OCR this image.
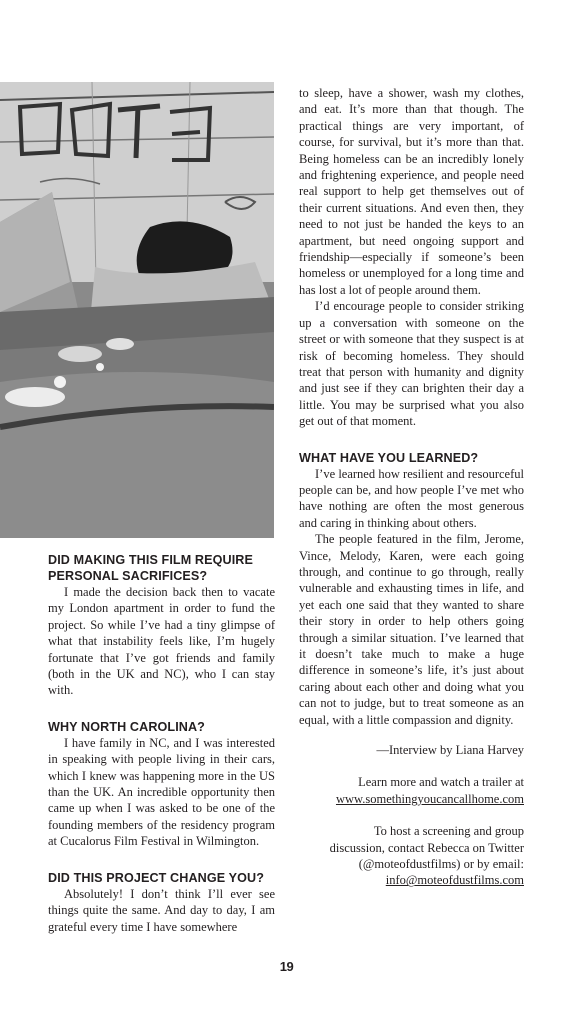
DID MAKING THIS FILM REQUIRE
PERSONAL SACRIFICES?

I made the decision back then to vacate my London apartment in order to fund the project. So while I’ve had a tiny glimpse of what that instability feels like, I’m hugely fortunate that I’ve got friends and family (both in the UK and NC), who I can stay with.

WHY NORTH CAROLINA?

I have family in NC, and I was interested in speaking with people living in their cars, which I knew was happening more in the US than the UK. An incredible opportunity then came up when I was asked to be one of the founding members of the residency program at Cucalorus Film Festival in Wilmington.

DID THIS PROJECT CHANGE YOU?

Absolutely! I don’t think I’ll ever see things quite the same. And day to day, I am grateful every time I have somewhere

to sleep, have a shower, wash my clothes, and eat. It’s more than that though. The practical things are very important, of course, for survival, but it’s more than that. Being homeless can be an incredibly lonely and frightening experience, and people need real support to help get themselves out of their current situations. And even then, they need to not just be handed the keys to an apartment, but need ongoing support and friendship—especially if someone’s been homeless or unemployed for a long time and has lost a lot of people around them.

I’d encourage people to consider striking up a conversation with someone on the street or with someone that they suspect is at risk of becoming homeless. They should treat that person with humanity and dignity and just see if they can brighten their day a little. You may be surprised what you also get out of that moment.

WHAT HAVE YOU LEARNED?

I’ve learned how resilient and resourceful people can be, and how people I’ve met who have nothing are often the most generous and caring in thinking about others.

The people featured in the film, Jerome, Vince, Melody, Karen, were each going through, and continue to go through, really vulnerable and exhausting times in life, and yet each one said that they wanted to share their story in order to help others going through a similar situation. I’ve learned that it doesn’t take much to make a huge difference in someone’s life, it’s just about caring about each other and doing what you can not to judge, but to treat someone as an equal, with a little compassion and dignity.

—Interview by Liana Harvey

Learn more and watch a trailer at

www.somethingyoucancallhome.com

To host a screening and group

discussion, contact Rebecca on Twitter

(@moteofdustfilms) or by email:

info@moteofdustfilms.com

19
